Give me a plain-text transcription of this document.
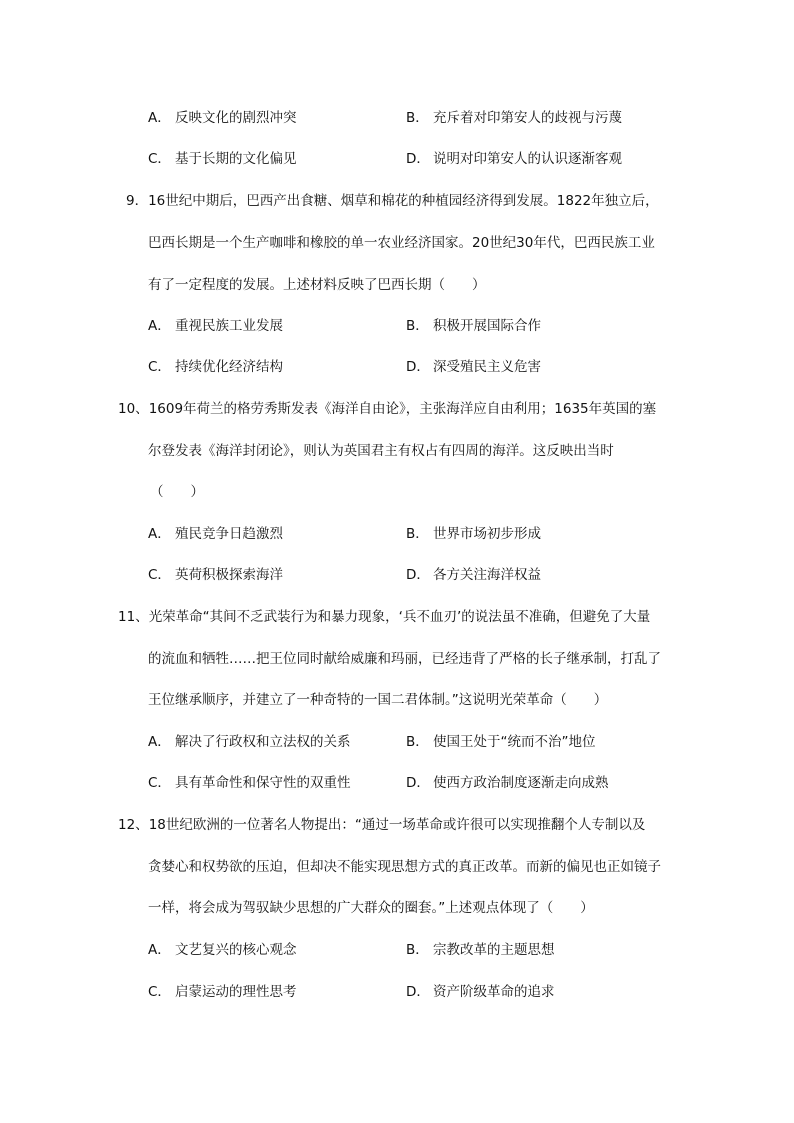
A． 反映文化的剧烈冲突	B． 充斥着对印第安人的歧视与污蔑
C． 基于长期的文化偏见	D． 说明对印第安人的认识逐渐客观
9．16世纪中期后，巴西产出食糖、烟草和棉花的种植园经济得到发展。1822年独立后，
巴西长期是一个生产咖啡和橡胶的单一农业经济国家。20世纪30年代，巴西民族工业
有了一定程度的发展。上述材料反映了巴西长期（　　）
A． 重视民族工业发展	B． 积极开展国际合作
C． 持续优化经济结构	D． 深受殖民主义危害
10、1609年荷兰的格劳秀斯发表《海洋自由论》，主张海洋应自由利用；1635年英国的塞
尔登发表《海洋封闭论》，则认为英国君主有权占有四周的海洋。这反映出当时
（　　）
A． 殖民竞争日趋激烈	B． 世界市场初步形成
C． 英荷积极探索海洋	D． 各方关注海洋权益
11、光荣革命“其间不乏武装行为和暴力现象，‘兵不血刃’的说法虽不准确，但避免了大量
的流血和牺牲……把王位同时献给威廉和玛丽，已经违背了严格的长子继承制，打乱了
王位继承顺序，并建立了一种奇特的一国二君体制。”这说明光荣革命（　　）
A． 解决了行政权和立法权的关系	B． 使国王处于“统而不治”地位
C． 具有革命性和保守性的双重性	D． 使西方政治制度逐渐走向成熟
12、18世纪欧洲的一位著名人物提出：“通过一场革命或许很可以实现推翻个人专制以及
贪婪心和权势欲的压迫，但却决不能实现思想方式的真正改革。而新的偏见也正如镜子
一样，将会成为驾驭缺少思想的广大群众的圈套。”上述观点体现了（　　）
A． 文艺复兴的核心观念	B． 宗教改革的主题思想
C． 启蒙运动的理性思考	D． 资产阶级革命的追求
